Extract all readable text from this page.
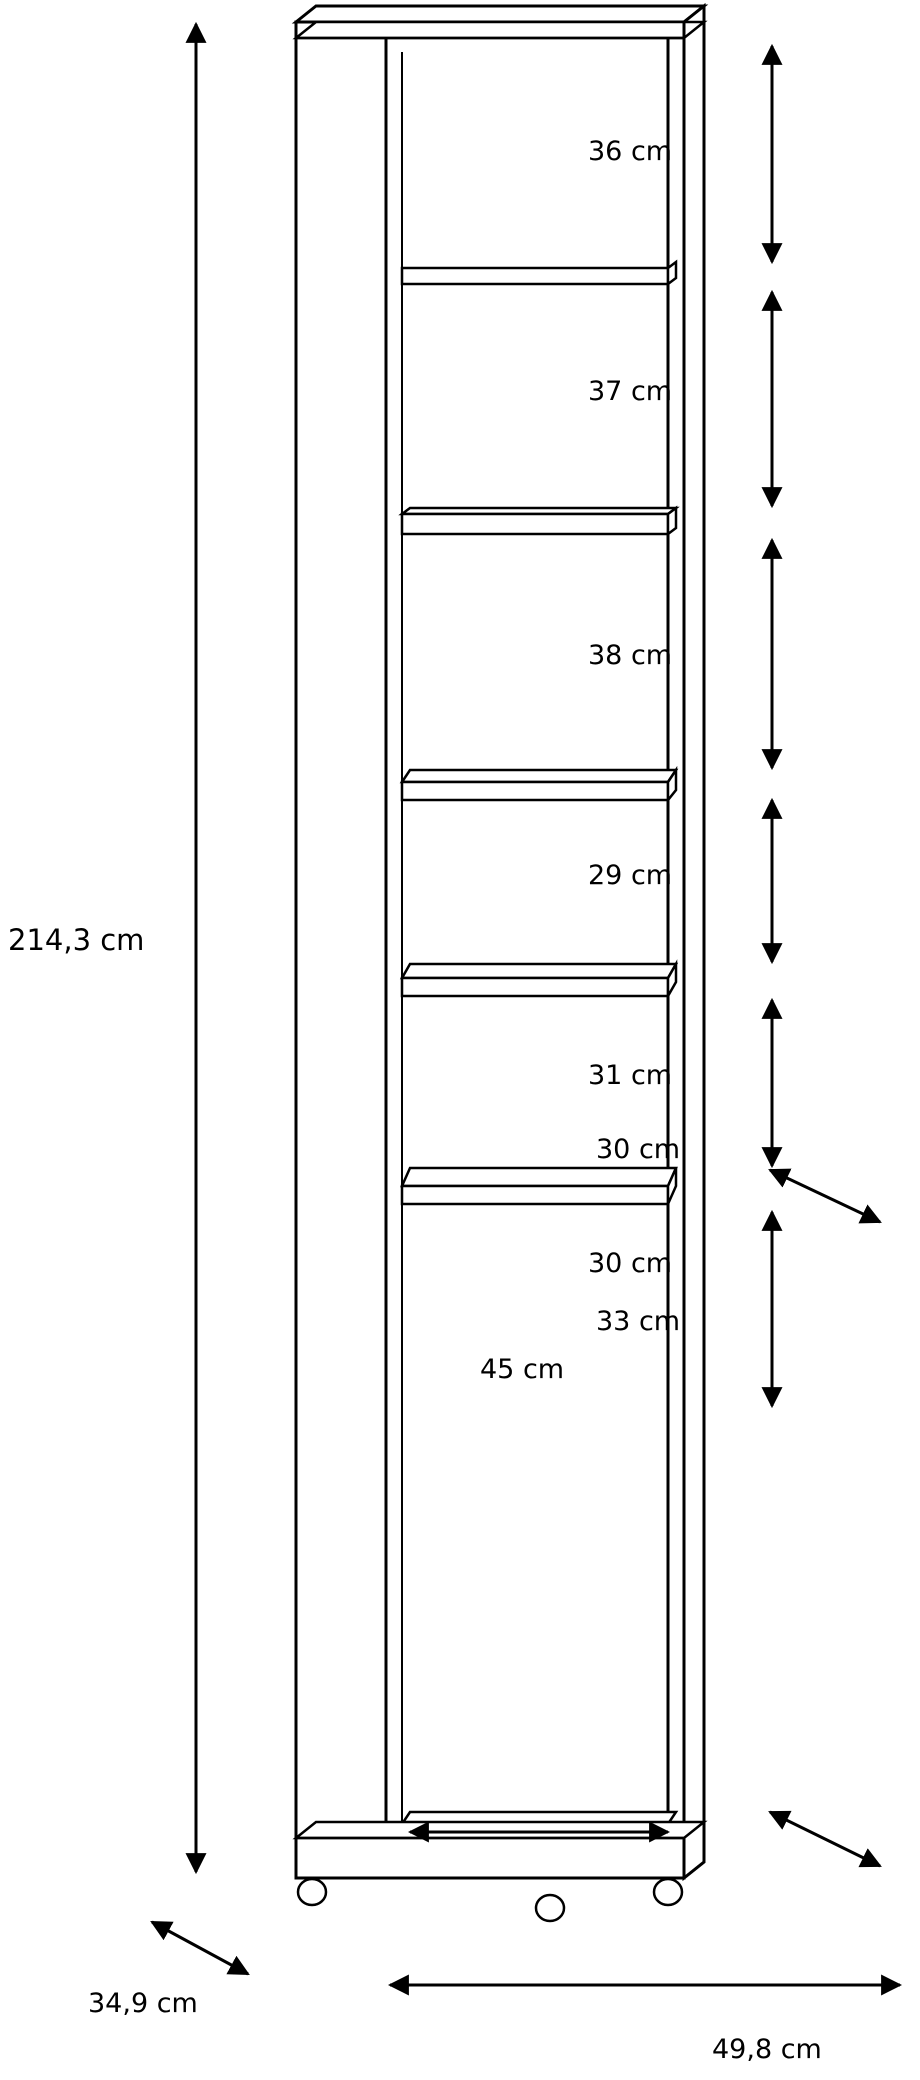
214,3 cm
36 cm
37 cm
38 cm
29 cm
31 cm
30 cm
30 cm
33 cm
45 cm
34,9 cm
49,8 cm
